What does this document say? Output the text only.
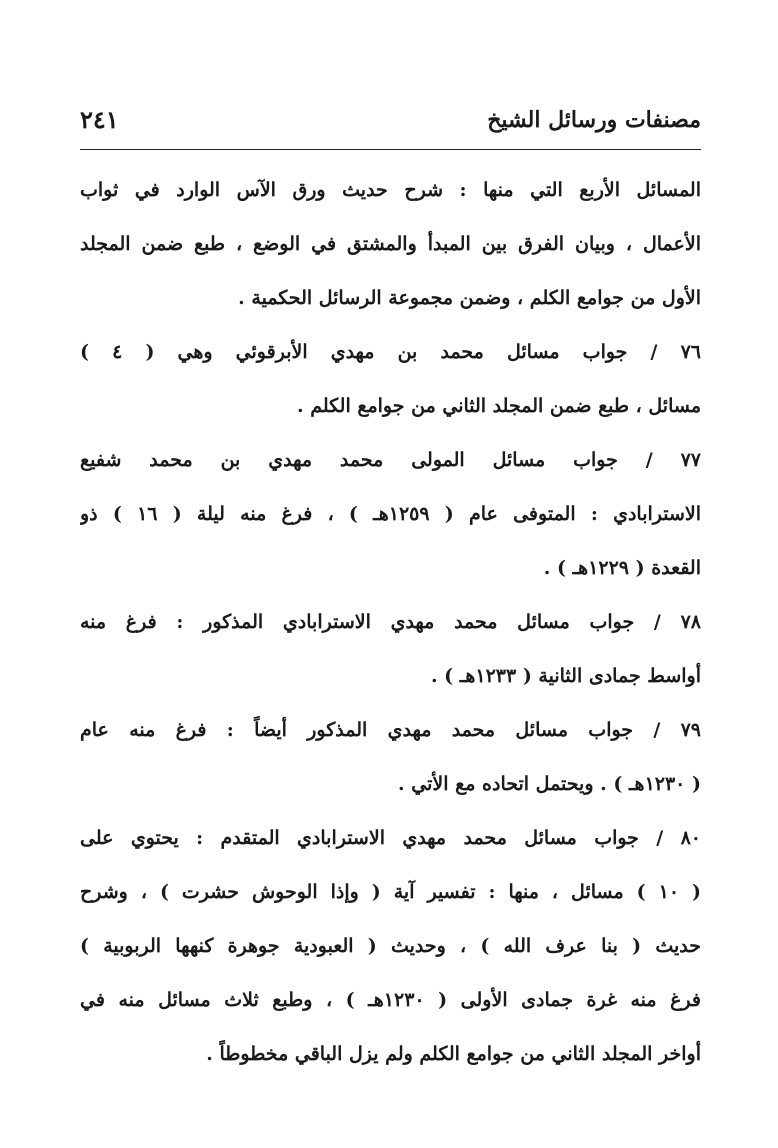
مصنفات ورسائل الشيخ
٢٤١
المسائل الأربع التي منها : شرح حديث ورق الآس الوارد في ثواب
الأعمال ، وبيان الفرق بين المبدأ والمشتق في الوضع ، طبع ضمن المجلد
الأول من جوامع الكلم ، وضمن مجموعة الرسائل الحكمية .
٧٦ / جواب مسائل محمد بن مهدي الأبرقوئي وهي ( ٤ )
مسائل ، طبع ضمن المجلد الثاني من جوامع الكلم .
٧٧ / جواب مسائل المولى محمد مهدي بن محمد شفيع
الاسترابادي : المتوفى عام ( ١٢٥٩هـ ) ، فرغ منه ليلة ( ١٦ ) ذو
القعدة ( ١٢٢٩هـ ) .
٧٨ / جواب مسائل محمد مهدي الاسترابادي المذكور : فرغ منه
أواسط جمادى الثانية ( ١٢٣٣هـ ) .
٧٩ / جواب مسائل محمد مهدي المذكور أيضاً : فرغ منه عام
( ١٢٣٠هـ ) . ويحتمل اتحاده مع الأتي .
٨٠ / جواب مسائل محمد مهدي الاسترابادي المتقدم : يحتوي على
( ١٠ ) مسائل ، منها : تفسير آية ( وإذا الوحوش حشرت ) ، وشرح
حديث ( بنا عرف الله ) ، وحديث ( العبودية جوهرة كنهها الربوبية )
فرغ منه غرة جمادى الأولى ( ١٢٣٠هـ ) ، وطبع ثلاث مسائل منه في
أواخر المجلد الثاني من جوامع الكلم ولم يزل الباقي مخطوطاً .
